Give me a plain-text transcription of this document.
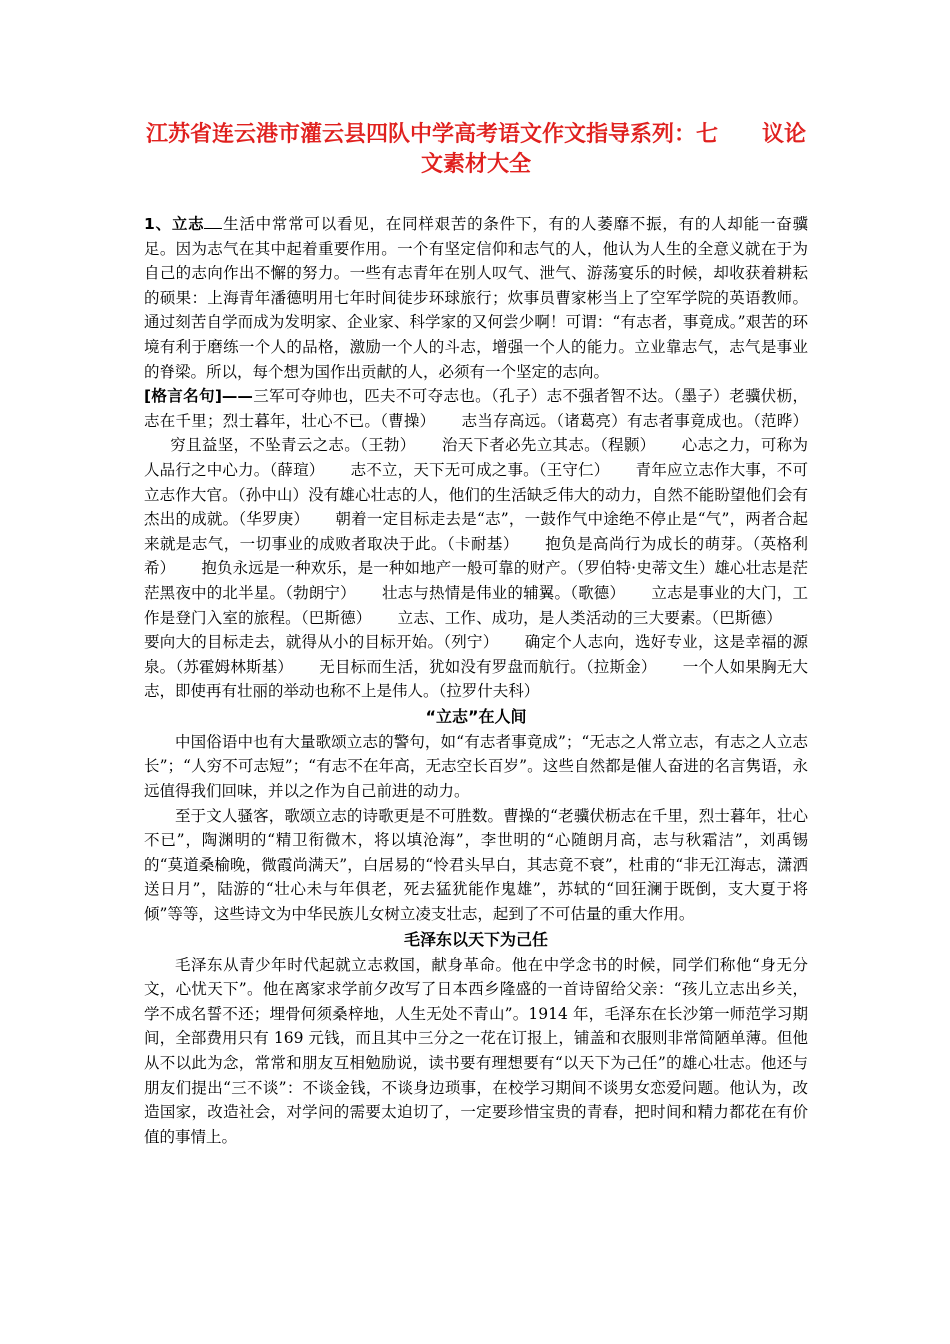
江苏省连云港市灌云县四队中学高考语文作文指导系列：七　　议论文素材大全

1、立志 生活中常常可以看见，在同样艰苦的条件下，有的人萎靡不振，有的人却能一奋骥足。因为志气在其中起着重要作用。一个有坚定信仰和志气的人，他认为人生的全意义就在于为自己的志向作出不懈的努力。一些有志青年在别人叹气、泄气、游荡宴乐的时候，却收获着耕耘的硕果：上海青年潘德明用七年时间徒步环球旅行；炊事员曹家彬当上了空军学院的英语教师。通过刻苦自学而成为发明家、企业家、科学家的又何尝少啊！可谓：“有志者，事竟成。”艰苦的环境有利于磨练一个人的品格，激励一个人的斗志，增强一个人的能力。立业靠志气，志气是事业的脊梁。所以，每个想为国作出贡献的人，必须有一个坚定的志向。

[格言名句]——三军可夺帅也，匹夫不可夺志也。（孔子）志不强者智不达。（墨子）老骥伏枥，志在千里；烈士暮年，壮心不已。（曹操） 志当存高远。（诸葛亮）有志者事竟成也。（范晔）穷且益坚，不坠青云之志。（王勃） 治天下者必先立其志。（程颢） 心志之力，可称为人品行之中心力。（薛瑄） 志不立，天下无可成之事。（王守仁） 青年应立志作大事，不可立志作大官。（孙中山）没有雄心壮志的人，他们的生活缺乏伟大的动力，自然不能盼望他们会有杰出的成就。（华罗庚） 朝着一定目标走去是“志”，一鼓作气中途绝不停止是“气”，两者合起来就是志气，一切事业的成败者取决于此。（卡耐基） 抱负是高尚行为成长的萌芽。（英格利希） 抱负永远是一种欢乐，是一种如地产一般可靠的财产。（罗伯特·史蒂文生）雄心壮志是茫茫黑夜中的北半星。（勃朗宁） 壮志与热情是伟业的辅翼。（歌德） 立志是事业的大门，工作是登门入室的旅程。（巴斯德） 立志、工作、成功，是人类活动的三大要素。（巴斯德）要向大的目标走去，就得从小的目标开始。（列宁） 确定个人志向，选好专业，这是幸福的源泉。（苏霍姆林斯基） 无目标而生活，犹如没有罗盘而航行。（拉斯金） 一个人如果胸无大志，即使再有壮丽的举动也称不上是伟人。（拉罗什夫科）

“立志”在人间

中国俗语中也有大量歌颂立志的警句，如“有志者事竟成”；“无志之人常立志，有志之人立志长”；“人穷不可志短”；“有志不在年高，无志空长百岁”。这些自然都是催人奋进的名言隽语，永远值得我们回味，并以之作为自己前进的动力。

至于文人骚客，歌颂立志的诗歌更是不可胜数。曹操的“老骥伏枥志在千里，烈士暮年，壮心不已”，陶渊明的“精卫衔微木，将以填沧海”，李世明的“心随朗月高，志与秋霜洁”，刘禹锡的“莫道桑榆晚，微霞尚满天”，白居易的“怜君头早白，其志竟不衰”，杜甫的“非无江海志，潇洒送日月”，陆游的“壮心未与年俱老，死去猛犹能作鬼雄”，苏轼的“回狂澜于既倒，支大夏于将倾”等等，这些诗文为中华民族儿女树立凌支壮志，起到了不可估量的重大作用。

毛泽东以天下为己任

毛泽东从青少年时代起就立志救国，献身革命。他在中学念书的时候，同学们称他“身无分文，心忧天下”。他在离家求学前夕改写了日本西乡隆盛的一首诗留给父亲：“孩儿立志出乡关，学不成名誓不还；埋骨何须桑梓地，人生无处不青山”。1914 年，毛泽东在长沙第一师范学习期间，全部费用只有 169 元钱，而且其中三分之一花在订报上，铺盖和衣服则非常简陋单薄。但他从不以此为念，常常和朋友互相勉励说，读书要有理想要有“以天下为己任”的雄心壮志。他还与朋友们提出“三不谈”：不谈金钱，不谈身边琐事，在校学习期间不谈男女恋爱问题。他认为，改造国家，改造社会，对学问的需要太迫切了，一定要珍惜宝贵的青春，把时间和精力都花在有价值的事情上。
